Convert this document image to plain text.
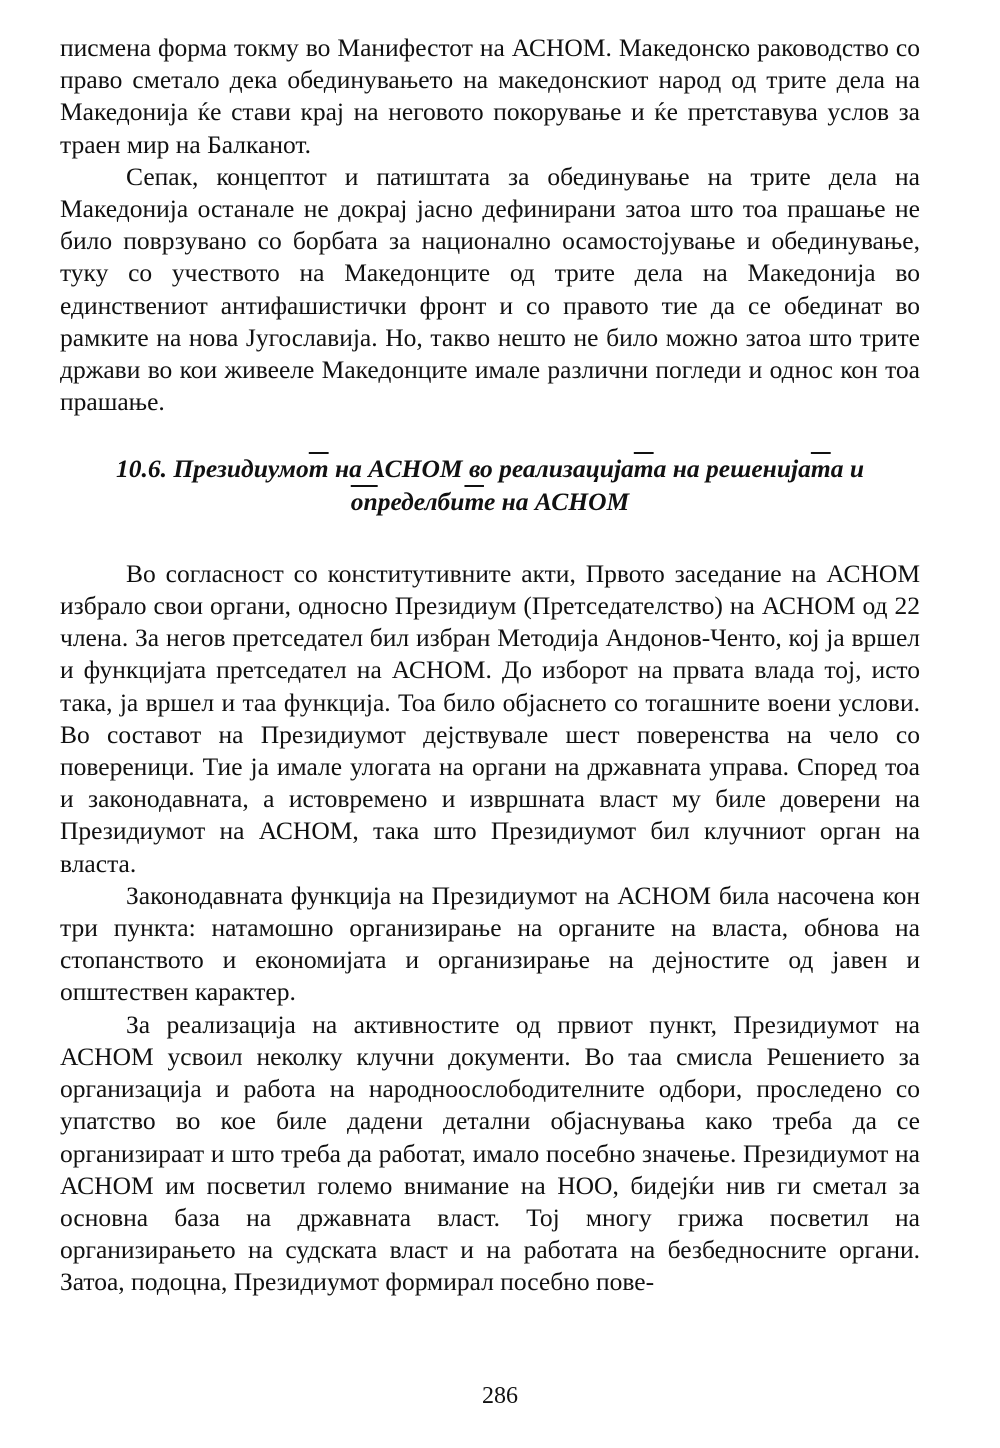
писмена форма токму во Манифестот на АСНОМ. Македонско раководство со право сметало дека обединувањето на македонскиот народ од трите дела на Македонија ќе стави крај на неговото покорување и ќе претставува услов за траен мир на Балканот.

Сепак, концептот и патиштата за обединување на трите дела на Македонија останале не докрај јасно дефинирани затоа што тоа прашање не било поврзувано со борбата за национално осамостојување и обединување, туку со учеството на Македонците од трите дела на Македонија во единствениот антифашистички фронт и со правото тие да се обединат во рамките на нова Југославија. Но, такво нешто не било можно затоа што трите држави во кои живееле Македонците имале различни погледи и однос кон тоа прашање.

10.6. Президиумот на АСНОМ во реализацијaта на решенијата и
определбите на АСНОМ

Во согласност со конститутивните акти, Првото заседание на АСНОМ избрало свои органи, односно Президиум (Претседателство) на АСНОМ од 22 члена. За негов претседател бил избран Методија Андонов-Ченто, кој ја вршел и функцијата претседател на АСНОМ. До изборот на првата влада тој, исто така, ја вршел и таа функција. Тоа било објаснето со тогашните воени услови. Во составот на Президиумот дејствувале шест поверенства на чело со повереници. Тие ја имале улогата на органи на државната управа. Според тоа и законодавната, а истовремено и извршната власт му биле доверени на Президиумот на АСНОМ, така што Президиумот бил клучниот орган на власта.

Законодавната функција на Президиумот на АСНОМ била насочена кон три пункта: натамошно организирање на органите на власта, обнова на стопанството и економијата и организирање на дејностите од јавен и општествен карактер.

За реализација на активностите од првиот пункт, Президиумот на АСНОМ усвоил неколку клучни документи. Во таа смисла Решението за организација и работа на народноослободителните одбори, проследено со упатство во кое биле дадени детални објаснувања како треба да се организираат и што треба да работат, имало посебно значење. Президиумот на АСНОМ им посветил големо внимание на НОО, бидејќи нив ги сметал за основна база на државната власт. Тој многу грижа посветил на организирањето на судската власт и на работата на безбедносните органи. Затоа, подоцна, Президиумот формирал посебно пове-

286
